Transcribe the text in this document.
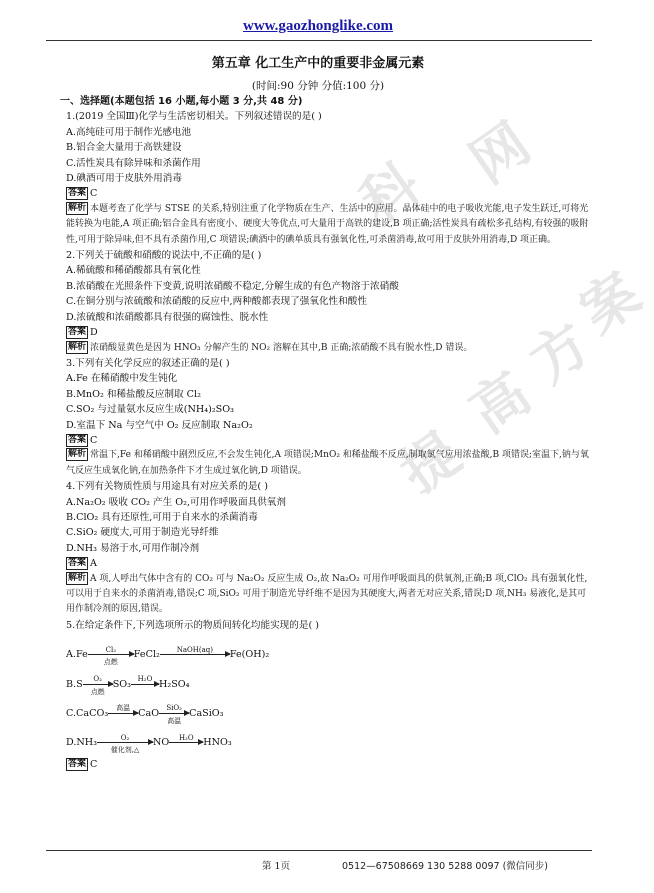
科 网
提
高
方
案
www.gaozhonglike.com
第五章 化工生产中的重要非金属元素
(时间:90 分钟 分值:100 分)
一、选择题(本题包括 16 小题,每小题 3 分,共 48 分)
1.(2019 全国Ⅲ)化学与生活密切相关。下列叙述错误的是( )
A.高纯硅可用于制作光感电池
B.铝合金大量用于高铁建设
C.活性炭具有除异味和杀菌作用
D.碘酒可用于皮肤外用消毒
答案 C
解析 本题考查了化学与 STSE 的关系,特别注重了化学物质在生产、生活中的应用。晶体硅中的电子吸收光能,电子发生跃迁,可将光能转换为电能,A 项正确;铝合金具有密度小、硬度大等优点,可大量用于高铁的建设,B 项正确;活性炭具有疏松多孔结构,有较强的吸附性,可用于除异味,但不具有杀菌作用,C 项错误;碘酒中的碘单质具有强氧化性,可杀菌消毒,故可用于皮肤外用消毒,D 项正确。
2.下列关于硫酸和硝酸的说法中,不正确的是( )
A.稀硫酸和稀硝酸都具有氧化性
B.浓硝酸在光照条件下变黄,说明浓硝酸不稳定,分解生成的有色产物溶于浓硝酸
C.在铜分别与浓硫酸和浓硝酸的反应中,两种酸都表现了强氧化性和酸性
D.浓硫酸和浓硝酸都具有很强的腐蚀性、脱水性
答案 D
解析 浓硝酸显黄色是因为 HNO₃ 分解产生的 NO₂ 溶解在其中,B 正确;浓硝酸不具有脱水性,D 错误。
3.下列有关化学反应的叙述正确的是( )
A.Fe 在稀硝酸中发生钝化
B.MnO₂ 和稀盐酸反应制取 Cl₂
C.SO₂ 与过量氨水反应生成(NH₄)₂SO₃
D.室温下 Na 与空气中 O₂ 反应制取 Na₂O₂
答案 C
解析 常温下,Fe 和稀硝酸中剧烈反应,不会发生钝化,A 项错误;MnO₂ 和稀盐酸不反应,制取氯气应用浓盐酸,B 项错误;室温下,钠与氧气反应生成氧化钠,在加热条件下才生成过氧化钠,D 项错误。
4.下列有关物质性质与用途具有对应关系的是( )
A.Na₂O₂ 吸收 CO₂ 产生 O₂,可用作呼吸面具供氧剂
B.ClO₂ 具有还原性,可用于自来水的杀菌消毒
C.SiO₂ 硬度大,可用于制造光导纤维
D.NH₃ 易溶于水,可用作制冷剂
答案 A
解析 A 项,人呼出气体中含有的 CO₂ 可与 Na₂O₂ 反应生成 O₂,故 Na₂O₂ 可用作呼吸面具的供氧剂,正确;B 项,ClO₂ 具有强氧化性,可以用于自来水的杀菌消毒,错误;C 项,SiO₂ 可用于制造光导纤维不是因为其硬度大,两者无对应关系,错误;D 项,NH₃ 易液化,是其可用作制冷剂的原因,错误。
5.在给定条件下,下列选项所示的物质间转化均能实现的是( )
A.Fe	Cl₂
点燃
FeCl₂	NaOH(aq)	Fe(OH)₂
B.S	O₂
点燃
SO₃ H₂O H₂SO₄
C.CaCO₃	高温 CaO	SiO₂
高温
CaSiO₃
D.NH₃	O₂
催化剂,△
NO	H₂O	HNO₃
答案 C
第 1页	0512—67508669 130 5288 0097 (微信同步)
